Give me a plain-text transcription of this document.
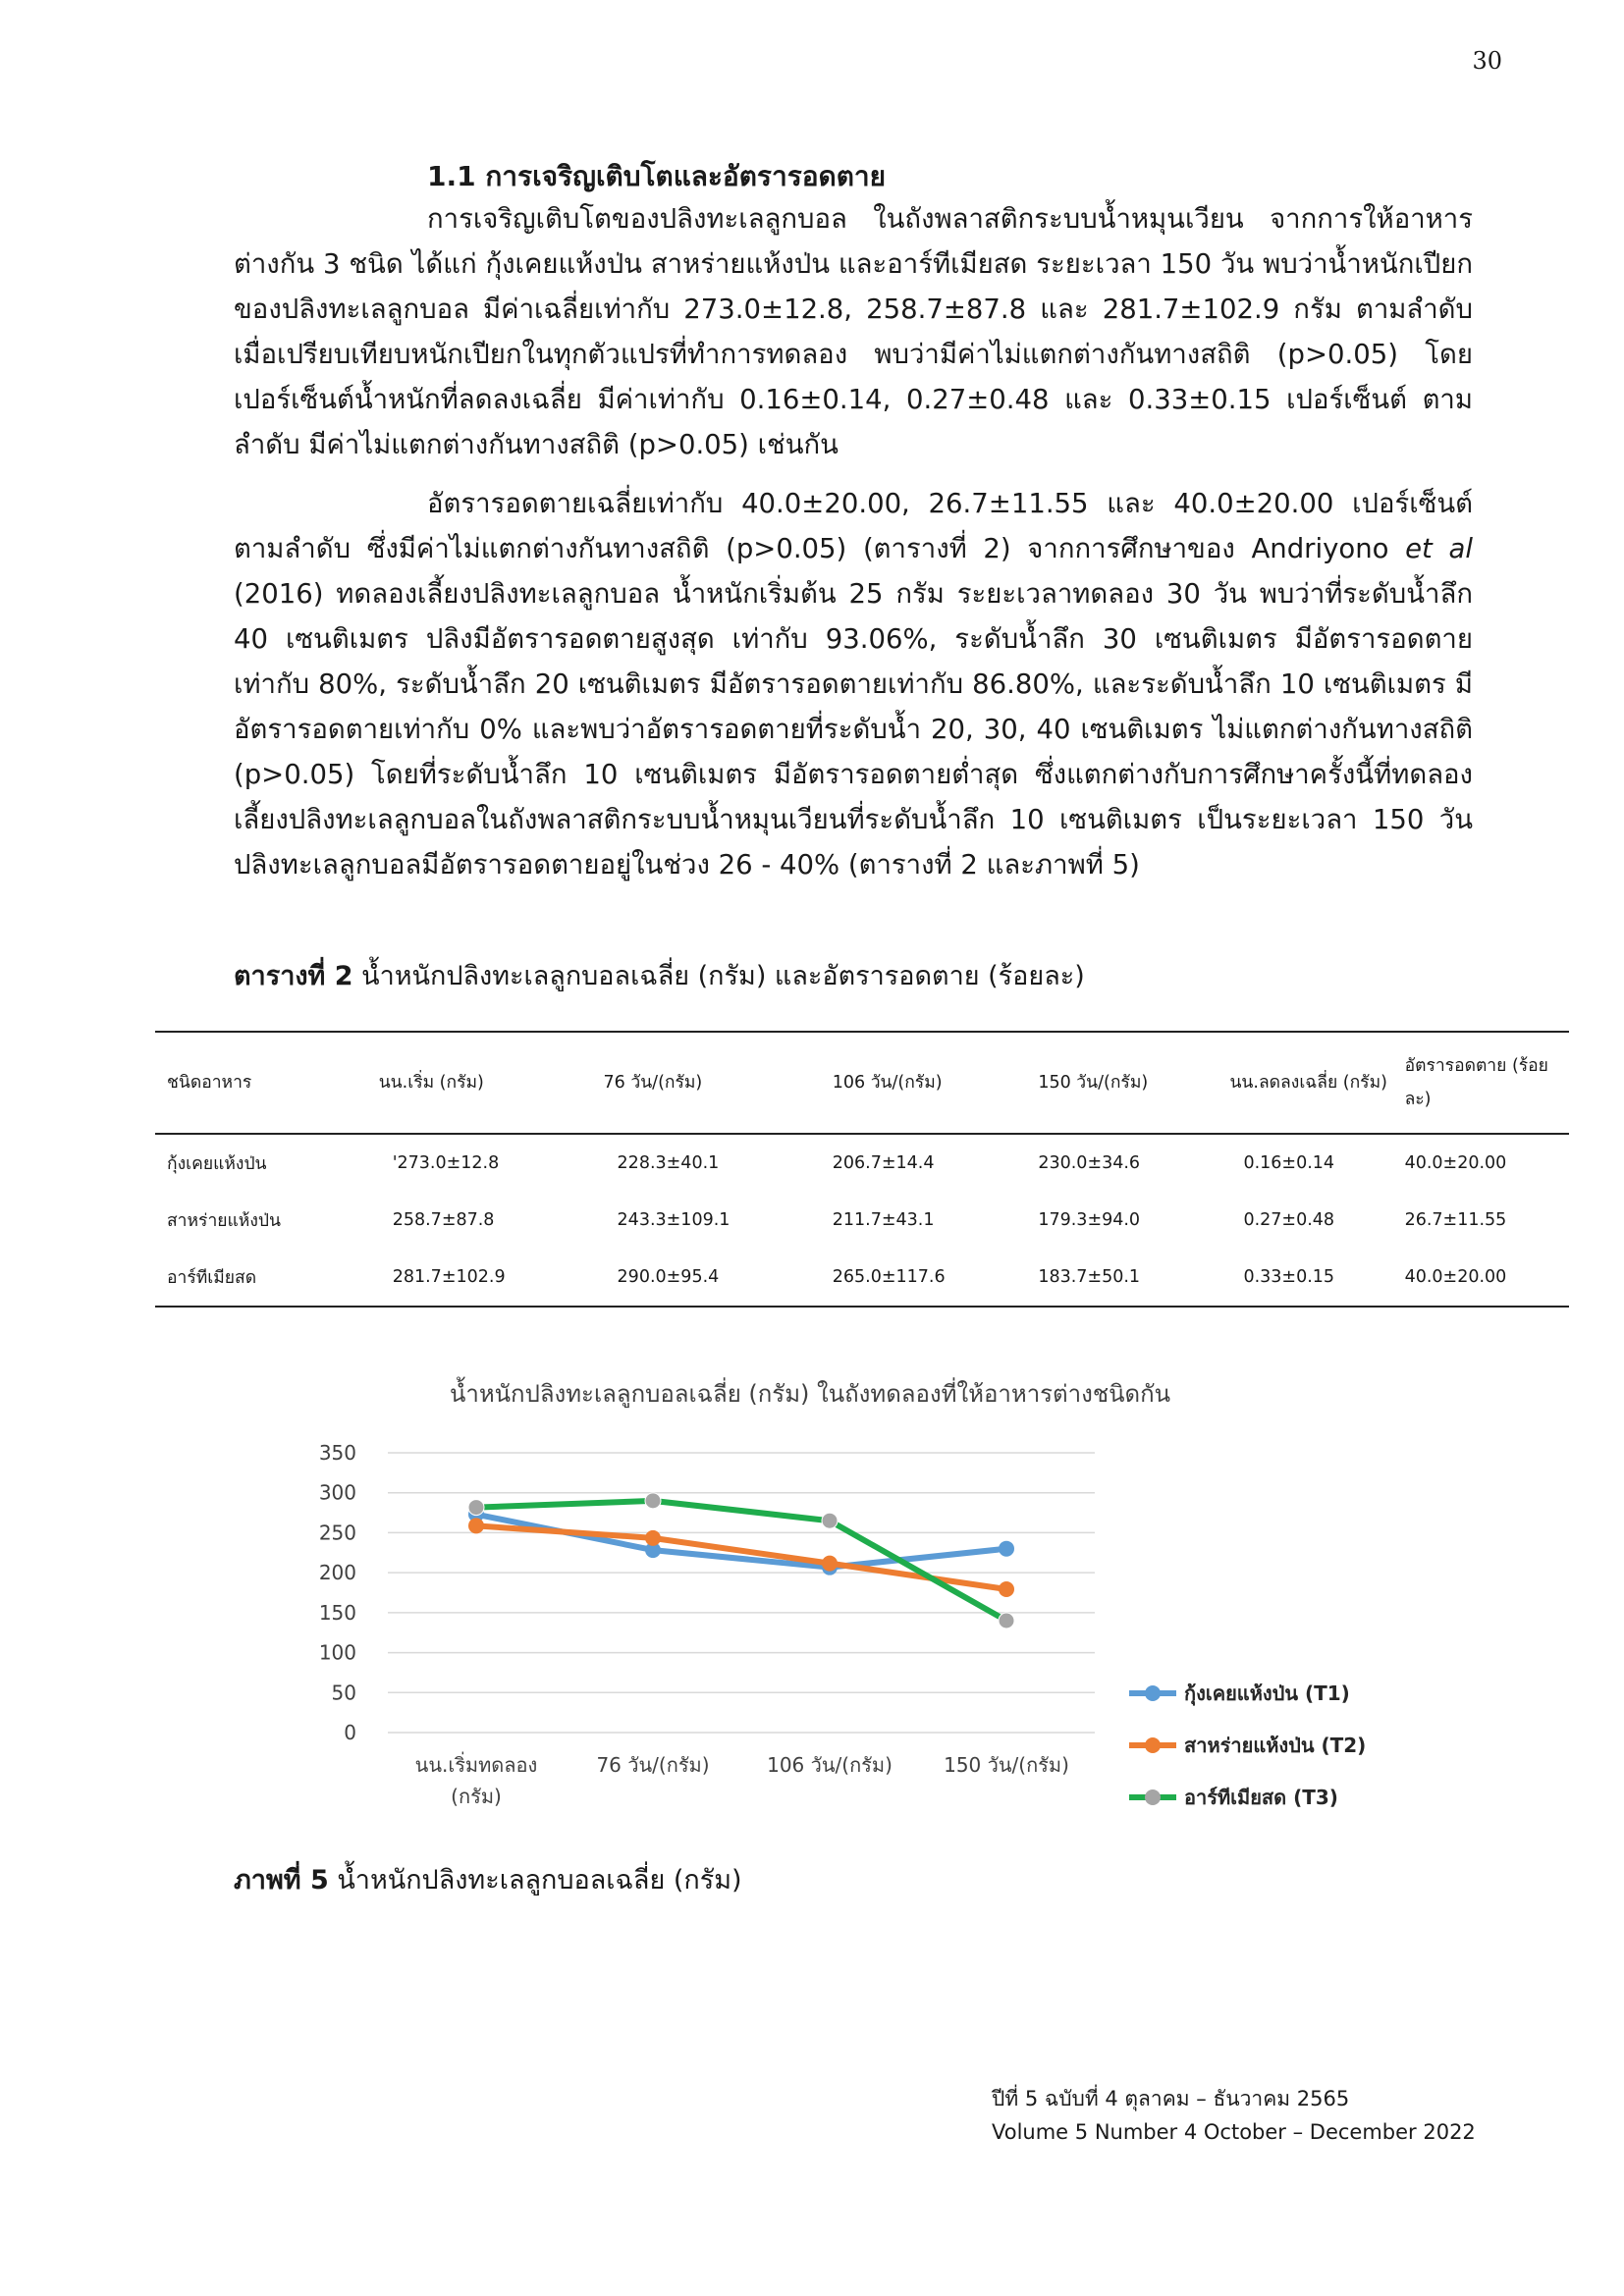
30
1.1 การเจริญเติบโตและอัตรารอดตาย

การเจริญเติบโตของปลิงทะเลลูกบอล ในถังพลาสติกระบบน้ำหมุนเวียน จากการให้อาหารต่างกัน 3 ชนิด ได้แก่ กุ้งเคยแห้งป่น สาหร่ายแห้งป่น และอาร์ทีเมียสด ระยะเวลา 150 วัน พบว่าน้ำหนักเปียกของปลิงทะเลลูกบอล มีค่าเฉลี่ยเท่ากับ 273.0±12.8, 258.7±87.8 และ 281.7±102.9 กรัม ตามลำดับ เมื่อเปรียบเทียบหนักเปียกในทุกตัวแปรที่ทำการทดลอง พบว่ามีค่าไม่แตกต่างกันทางสถิติ (p>0.05) โดยเปอร์เซ็นต์น้ำหนักที่ลดลงเฉลี่ย มีค่าเท่ากับ 0.16±0.14, 0.27±0.48 และ 0.33±0.15 เปอร์เซ็นต์ ตามลำดับ มีค่าไม่แตกต่างกันทางสถิติ (p>0.05) เช่นกัน

อัตรารอดตายเฉลี่ยเท่ากับ 40.0±20.00, 26.7±11.55 และ 40.0±20.00 เปอร์เซ็นต์ ตามลำดับ ซึ่งมีค่าไม่แตกต่างกันทางสถิติ (p>0.05) (ตารางที่ 2) จากการศึกษาของ Andriyono et al (2016) ทดลองเลี้ยงปลิงทะเลลูกบอล น้ำหนักเริ่มต้น 25 กรัม ระยะเวลาทดลอง 30 วัน พบว่าที่ระดับน้ำลึก 40 เซนติเมตร ปลิงมีอัตรารอดตายสูงสุด เท่ากับ 93.06%, ระดับน้ำลึก 30 เซนติเมตร มีอัตรารอดตายเท่ากับ 80%, ระดับน้ำลึก 20 เซนติเมตร มีอัตรารอดตายเท่ากับ 86.80%, และระดับน้ำลึก 10 เซนติเมตร มีอัตรารอดตายเท่ากับ 0% และพบว่าอัตรารอดตายที่ระดับน้ำ 20, 30, 40 เซนติเมตร ไม่แตกต่างกันทางสถิติ (p>0.05) โดยที่ระดับน้ำลึก 10 เซนติเมตร มีอัตรารอดตายต่ำสุด ซึ่งแตกต่างกับการศึกษาครั้งนี้ที่ทดลองเลี้ยงปลิงทะเลลูกบอลในถังพลาสติกระบบน้ำหมุนเวียนที่ระดับน้ำลึก 10 เซนติเมตร เป็นระยะเวลา 150 วัน ปลิงทะเลลูกบอลมีอัตรารอดตายอยู่ในช่วง 26 - 40% (ตารางที่ 2 และภาพที่ 5)

ตารางที่ 2 น้ำหนักปลิงทะเลลูกบอลเฉลี่ย (กรัม) และอัตรารอดตาย (ร้อยละ)
ชนิดอาหาร	นน.เริ่ม (กรัม)	76 วัน/(กรัม)	106 วัน/(กรัม)	150 วัน/(กรัม)	นน.ลดลงเฉลี่ย (กรัม)	อัตรารอดตาย (ร้อยละ)
กุ้งเคยแห้งป่น	'273.0±12.8	228.3±40.1	206.7±14.4	230.0±34.6	0.16±0.14	40.0±20.00
สาหร่ายแห้งป่น	258.7±87.8	243.3±109.1	211.7±43.1	179.3±94.0	0.27±0.48	26.7±11.55
อาร์ทีเมียสด	281.7±102.9	290.0±95.4	265.0±117.6	183.7±50.1	0.33±0.15	40.0±20.00
น้ำหนักปลิงทะเลลูกบอลเฉลี่ย (กรัม) ในถังทดลองที่ให้อาหารต่างชนิดกัน
0
50
100
150
200
250
300
350
นน.เริ่มทดลอง
(กรัม)
76 วัน/(กรัม)	106 วัน/(กรัม)	150 วัน/(กรัม)
กุ้งเคยแห้งป่น (T1)
สาหร่ายแห้งป่น (T2)
อาร์ทีเมียสด (T3)
ภาพที่ 5 น้ำหนักปลิงทะเลลูกบอลเฉลี่ย (กรัม)
ปีที่ 5 ฉบับที่ 4 ตุลาคม – ธันวาคม 2565
Volume 5 Number 4 October – December 2022
